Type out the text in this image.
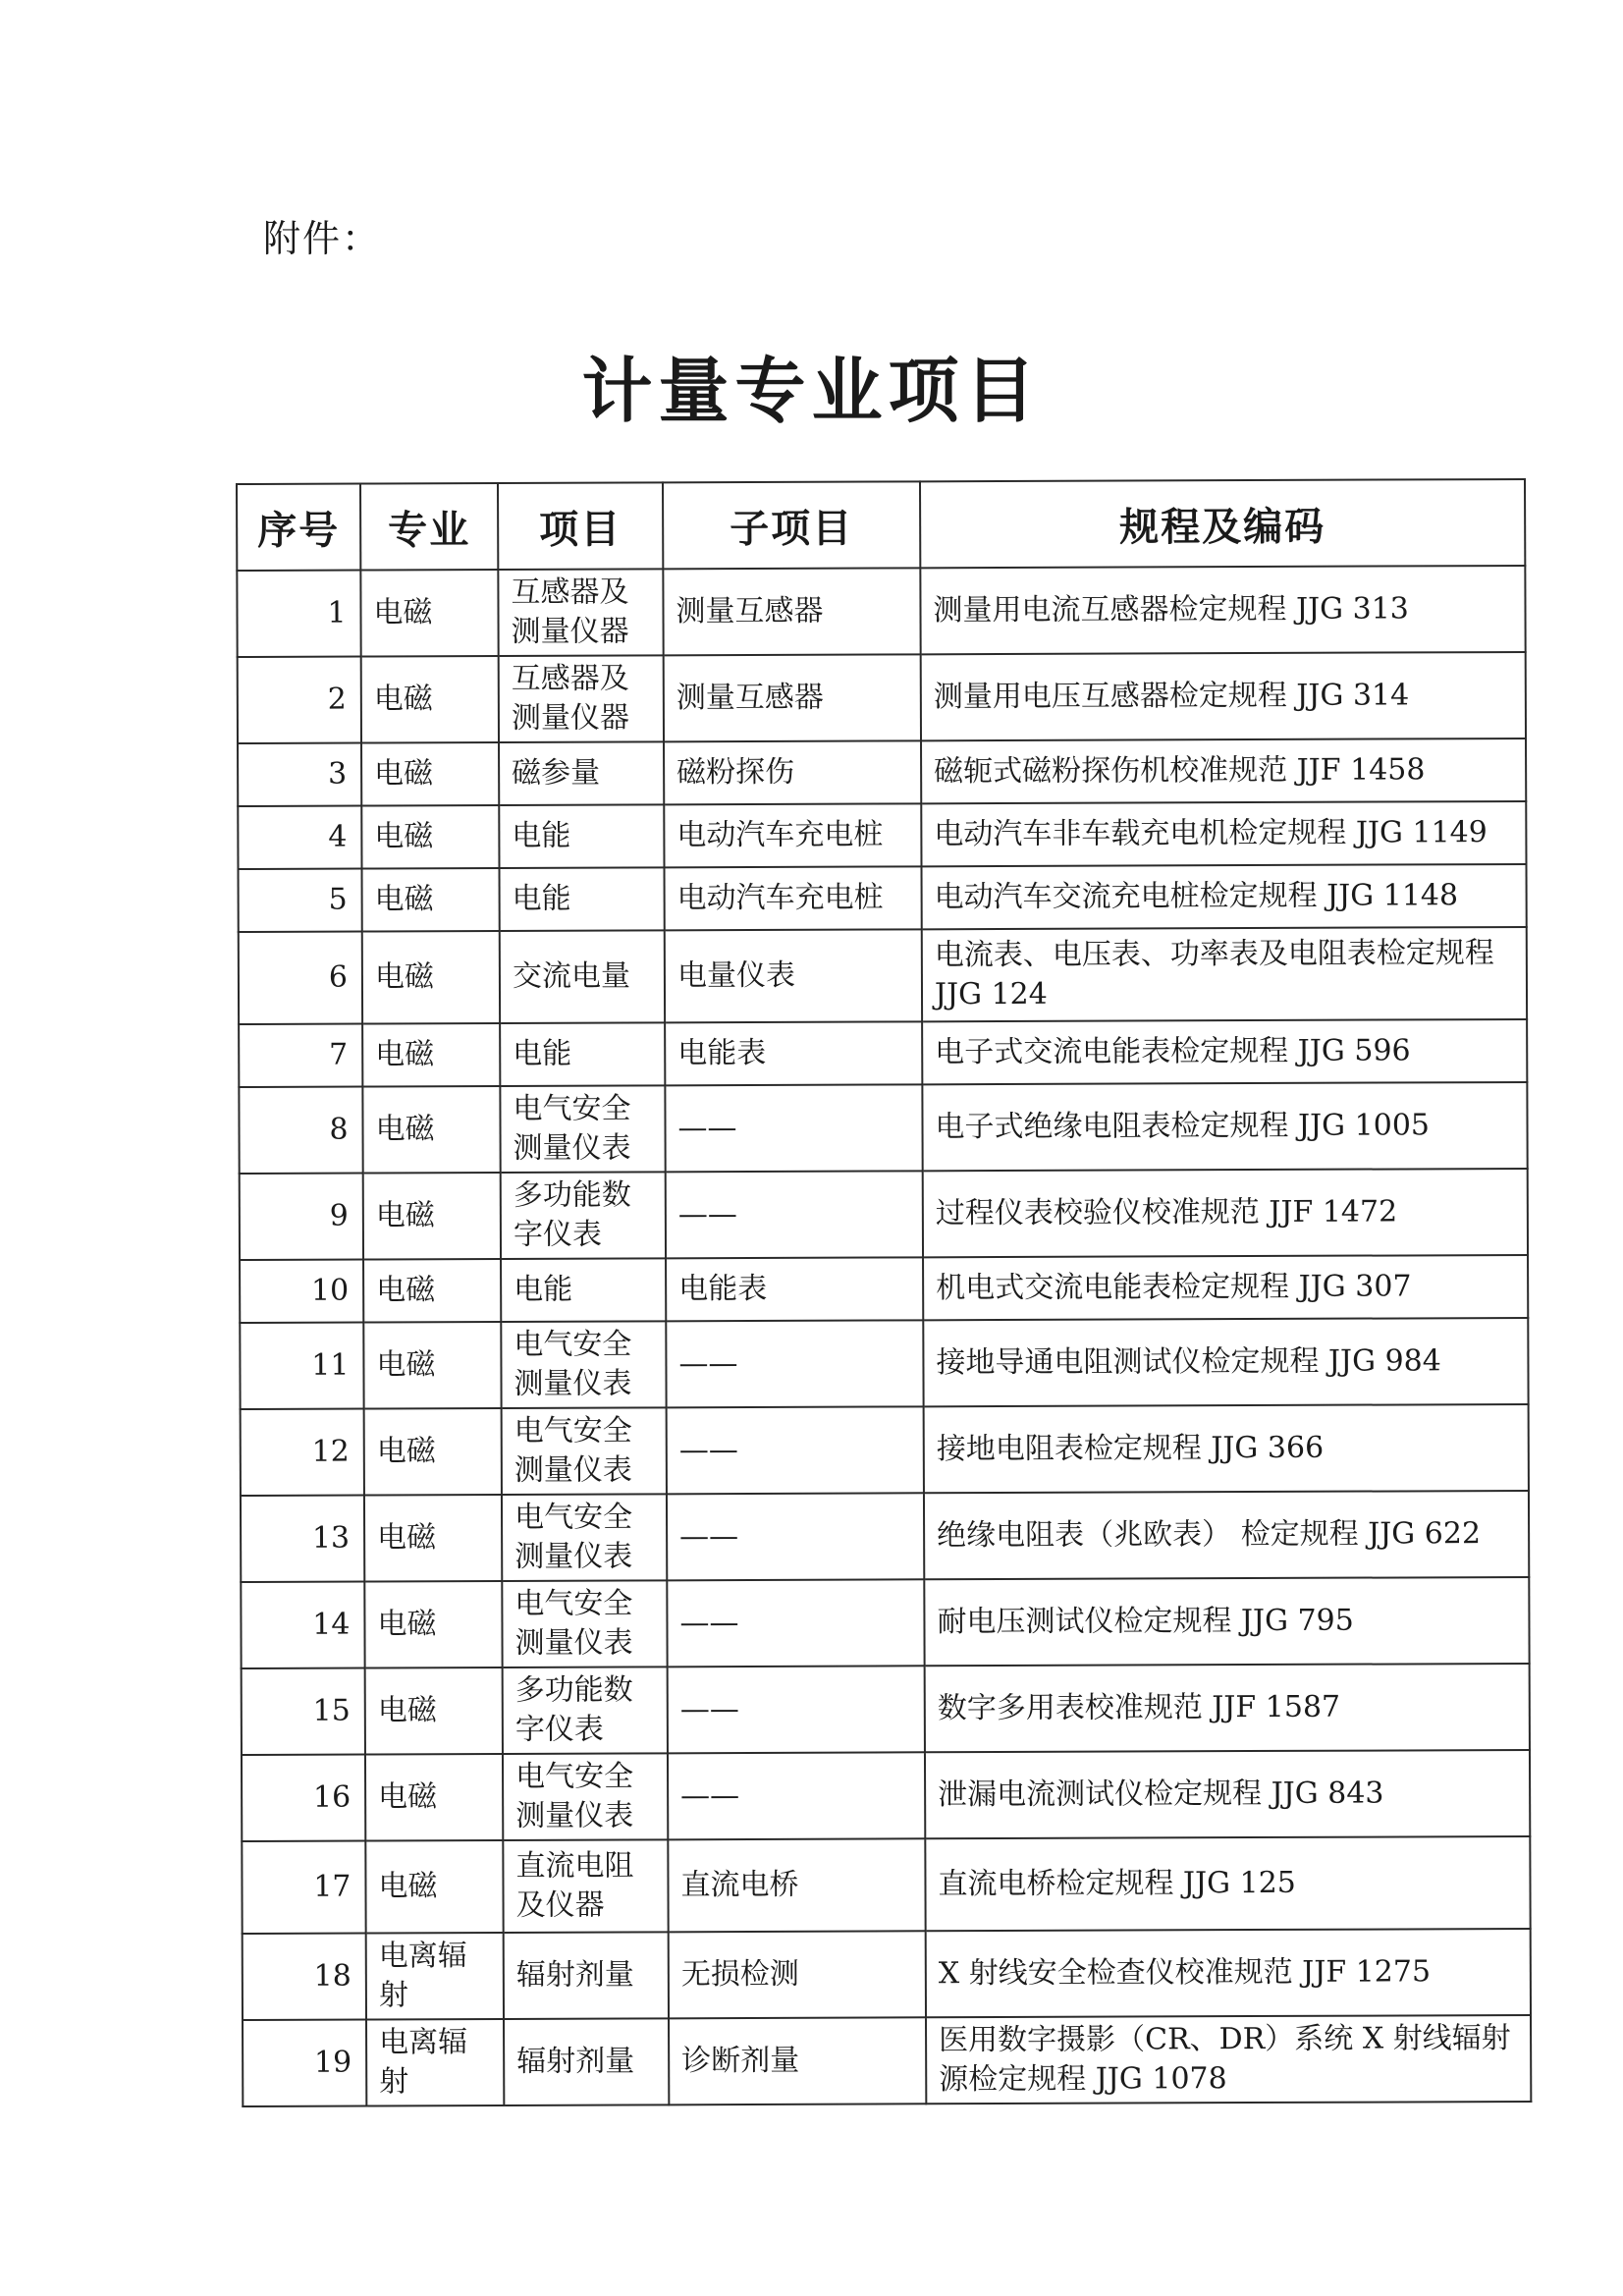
附件：
计量专业项目
序号	专业	项目	子项目	规程及编码
1	电磁	互感器及测量仪器	测量互感器	测量用电流互感器检定规程 JJG 313
2	电磁	互感器及测量仪器	测量互感器	测量用电压互感器检定规程 JJG 314
3	电磁	磁参量	磁粉探伤	磁轭式磁粉探伤机校准规范 JJF 1458
4	电磁	电能	电动汽车充电桩	电动汽车非车载充电机检定规程 JJG 1149
5	电磁	电能	电动汽车充电桩	电动汽车交流充电桩检定规程 JJG 1148
6	电磁	交流电量	电量仪表	电流表、电压表、功率表及电阻表检定规程 JJG 124
7	电磁	电能	电能表	电子式交流电能表检定规程 JJG 596
8	电磁	电气安全测量仪表	——	电子式绝缘电阻表检定规程 JJG 1005
9	电磁	多功能数字仪表	——	过程仪表校验仪校准规范 JJF 1472
10	电磁	电能	电能表	机电式交流电能表检定规程 JJG 307
11	电磁	电气安全测量仪表	——	接地导通电阻测试仪检定规程 JJG 984
12	电磁	电气安全测量仪表	——	接地电阻表检定规程 JJG 366
13	电磁	电气安全测量仪表	——	绝缘电阻表（兆欧表） 检定规程 JJG 622
14	电磁	电气安全测量仪表	——	耐电压测试仪检定规程 JJG 795
15	电磁	多功能数字仪表	——	数字多用表校准规范 JJF 1587
16	电磁	电气安全测量仪表	——	泄漏电流测试仪检定规程 JJG 843
17	电磁	直流电阻及仪器	直流电桥	直流电桥检定规程 JJG 125
18	电离辐射	辐射剂量	无损检测	X 射线安全检查仪校准规范 JJF 1275
19	电离辐射	辐射剂量	诊断剂量	医用数字摄影（CR、DR）系统 X 射线辐射源检定规程 JJG 1078
